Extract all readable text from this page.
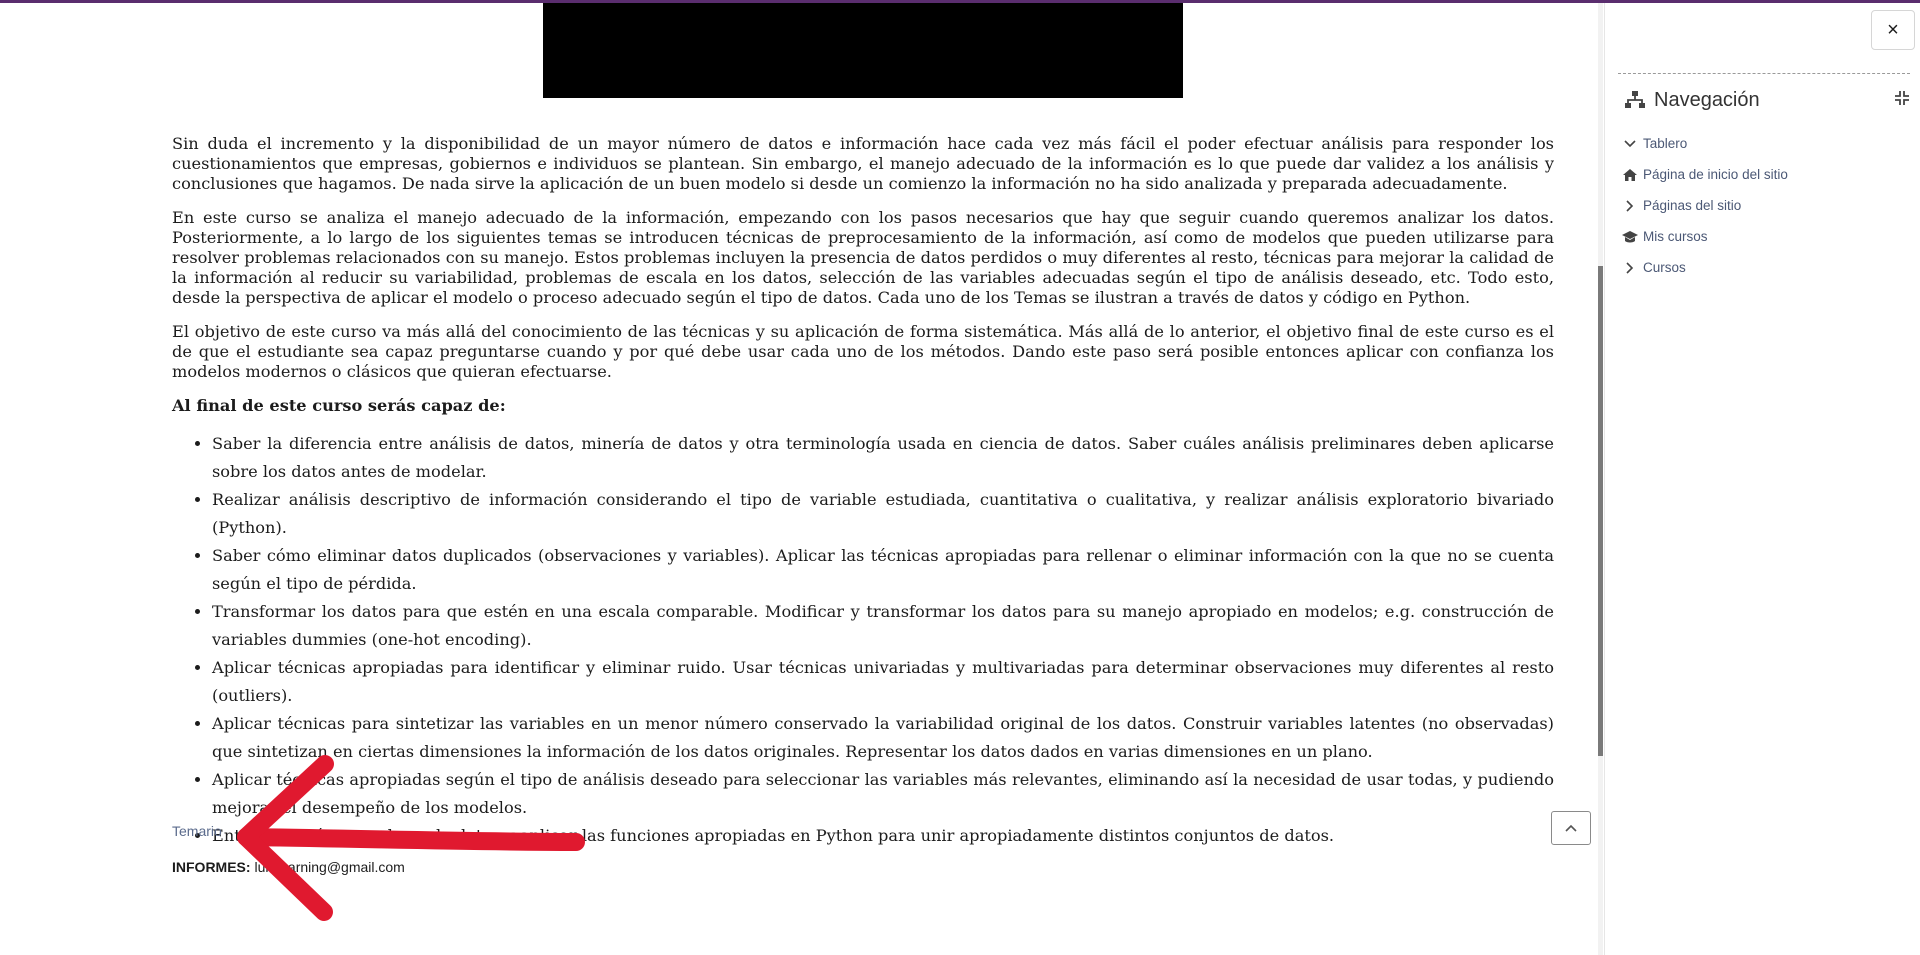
Sin duda el incremento y la disponibilidad de un mayor número de datos e información hace cada vez más fácil el poder efectuar análisis para responder los cuestionamientos que empresas, gobiernos e individuos se plantean. Sin embargo, el manejo adecuado de la información es lo que puede dar validez a los análisis y conclusiones que hagamos. De nada sirve la aplicación de un buen modelo si desde un comienzo la información no ha sido analizada y preparada adecuadamente.

En este curso se analiza el manejo adecuado de la información, empezando con los pasos necesarios que hay que seguir cuando queremos analizar los datos. Posteriormente, a lo largo de los siguientes temas se introducen técnicas de preprocesamiento de la información, así como de modelos que pueden utilizarse para resolver problemas relacionados con su manejo. Estos problemas incluyen la presencia de datos perdidos o muy diferentes al resto, técnicas para mejorar la calidad de la información al reducir su variabilidad, problemas de escala en los datos, selección de las variables adecuadas según el tipo de análisis deseado, etc. Todo esto, desde la perspectiva de aplicar el modelo o proceso adecuado según el tipo de datos. Cada uno de los Temas se ilustran a través de datos y código en Python.

El objetivo de este curso va más allá del conocimiento de las técnicas y su aplicación de forma sistemática. Más allá de lo anterior, el objetivo final de este curso es el de que el estudiante sea capaz preguntarse cuando y por qué debe usar cada uno de los métodos. Dando este paso será posible entonces aplicar con confianza los modelos modernos o clásicos que quieran efectuarse.

Al final de este curso serás capaz de:

• Saber la diferencia entre análisis de datos, minería de datos y otra terminología usada en ciencia de datos. Saber cuáles análisis preliminares deben aplicarse sobre los datos antes de modelar.
• Realizar análisis descriptivo de información considerando el tipo de variable estudiada, cuantitativa o cualitativa, y realizar análisis exploratorio bivariado (Python).
• Saber cómo eliminar datos duplicados (observaciones y variables). Aplicar las técnicas apropiadas para rellenar o eliminar información con la que no se cuenta según el tipo de pérdida.
• Transformar los datos para que estén en una escala comparable. Modificar y transformar los datos para su manejo apropiado en modelos; e.g. construcción de variables dummies (one-hot encoding).
• Aplicar técnicas apropiadas para identificar y eliminar ruido. Usar técnicas univariadas y multivariadas para determinar observaciones muy diferentes al resto (outliers).
• Aplicar técnicas para sintetizar las variables en un menor número conservado la variabilidad original de los datos. Construir variables latentes (no observadas) que sintetizan en ciertas dimensiones la información de los datos originales. Representar los datos dados en varias dimensiones en un plano.
• Aplicar técnicas apropiadas según el tipo de análisis deseado para seleccionar las variables más relevantes, eliminando así la necesidad de usar todas, y pudiendo mejorar el desempeño de los modelos.
• Entender qué es una base de datos y aplicar las funciones apropiadas en Python para unir apropiadamente distintos conjuntos de datos.
Temario
INFORMES: lumlearning@gmail.com
×
Navegación
Tablero
Página de inicio del sitio
Páginas del sitio
Mis cursos
Cursos
